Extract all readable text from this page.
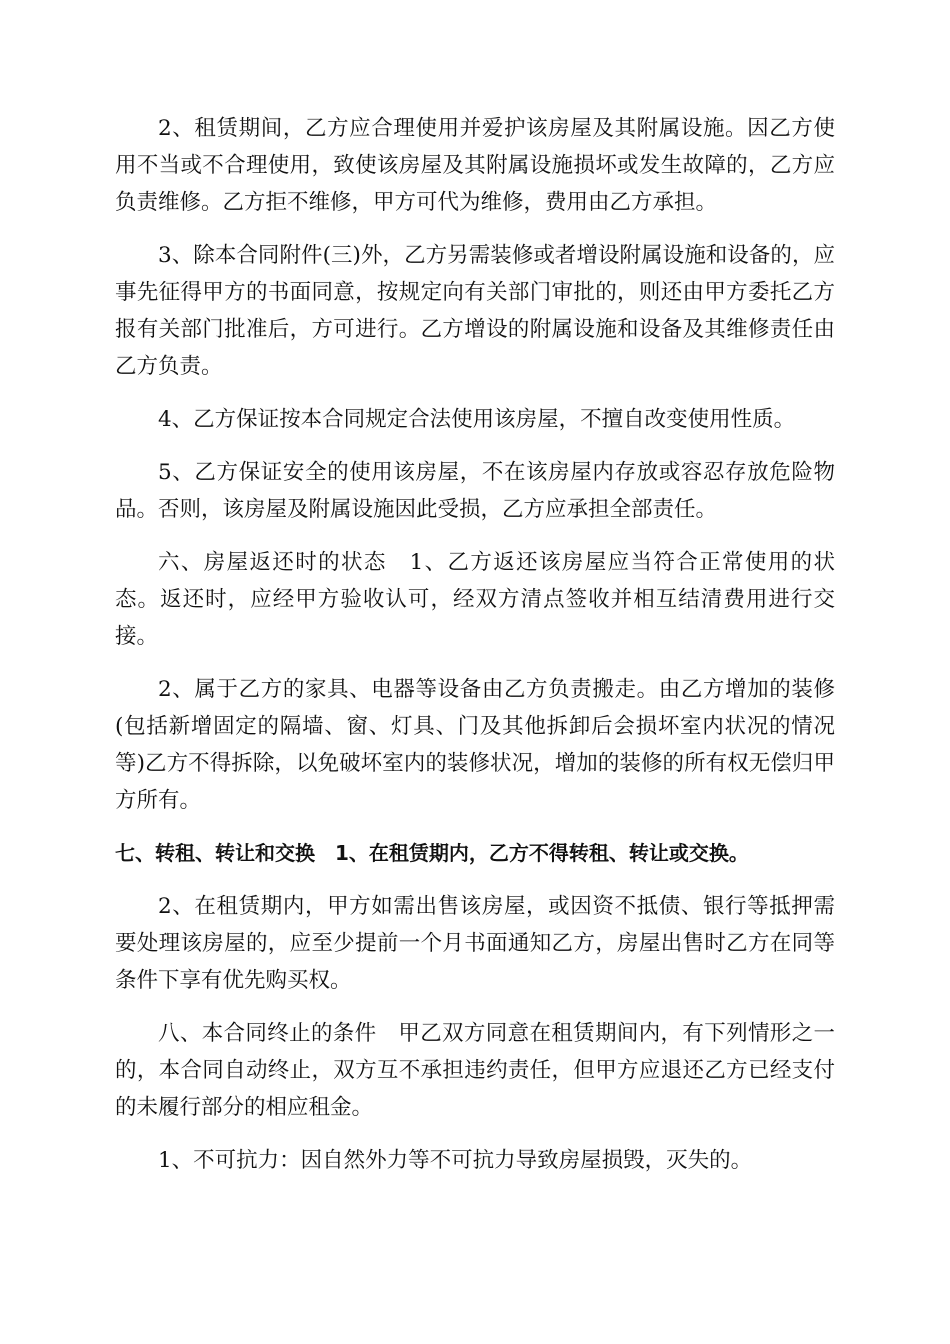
2、租赁期间，乙方应合理使用并爱护该房屋及其附属设施。因乙方使用不当或不合理使用，致使该房屋及其附属设施损坏或发生故障的，乙方应负责维修。乙方拒不维修，甲方可代为维修，费用由乙方承担。

3、除本合同附件(三)外，乙方另需装修或者增设附属设施和设备的，应事先征得甲方的书面同意，按规定向有关部门审批的，则还由甲方委托乙方报有关部门批准后，方可进行。乙方增设的附属设施和设备及其维修责任由乙方负责。

4、乙方保证按本合同规定合法使用该房屋，不擅自改变使用性质。

5、乙方保证安全的使用该房屋，不在该房屋内存放或容忍存放危险物品。否则，该房屋及附属设施因此受损，乙方应承担全部责任。

六、房屋返还时的状态　1、乙方返还该房屋应当符合正常使用的状态。返还时，应经甲方验收认可，经双方清点签收并相互结清费用进行交接。

2、属于乙方的家具、电器等设备由乙方负责搬走。由乙方增加的装修(包括新增固定的隔墙、窗、灯具、门及其他拆卸后会损坏室内状况的情况等)乙方不得拆除，以免破坏室内的装修状况，增加的装修的所有权无偿归甲方所有。

七、转租、转让和交换　1、在租赁期内，乙方不得转租、转让或交换。

2、在租赁期内，甲方如需出售该房屋，或因资不抵债、银行等抵押需要处理该房屋的，应至少提前一个月书面通知乙方，房屋出售时乙方在同等条件下享有优先购买权。

八、本合同终止的条件　甲乙双方同意在租赁期间内，有下列情形之一的，本合同自动终止，双方互不承担违约责任，但甲方应退还乙方已经支付的未履行部分的相应租金。

1、不可抗力：因自然外力等不可抗力导致房屋损毁，灭失的。
